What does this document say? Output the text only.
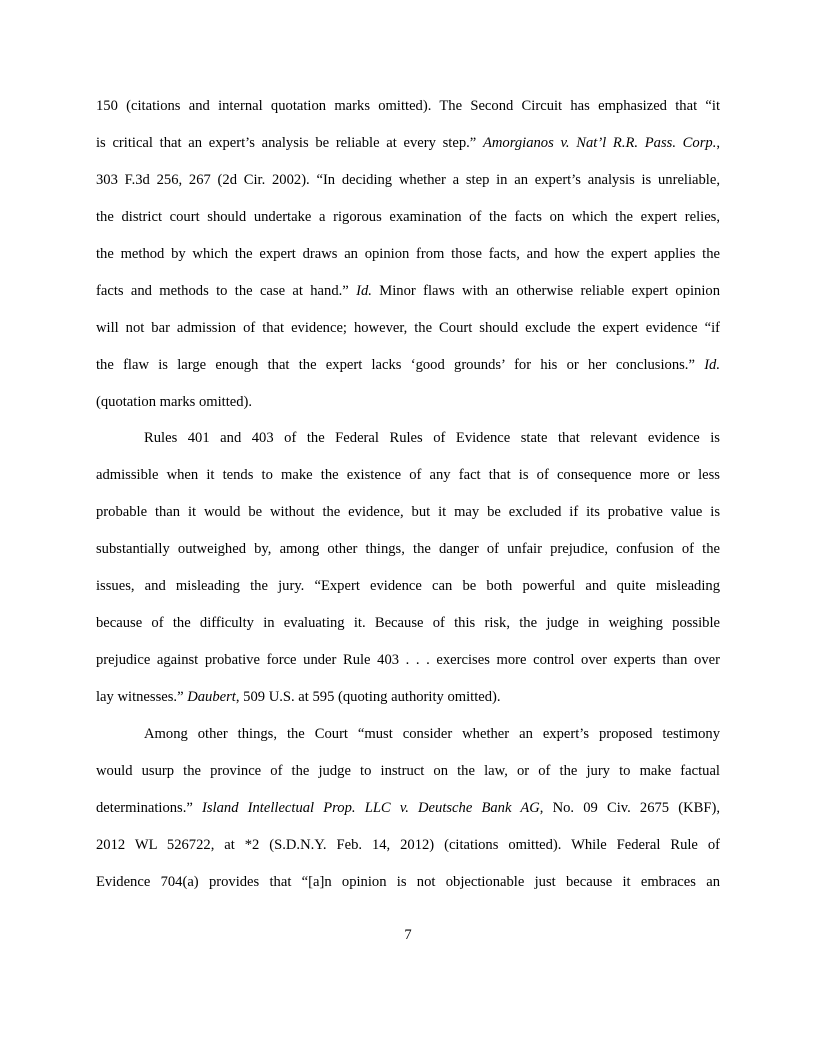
150 (citations and internal quotation marks omitted). The Second Circuit has emphasized that “it
is critical that an expert’s analysis be reliable at every step.” Amorgianos v. Nat’l R.R. Pass. Corp.,
303 F.3d 256, 267 (2d Cir. 2002). “In deciding whether a step in an expert’s analysis is unreliable,
the district court should undertake a rigorous examination of the facts on which the expert relies,
the method by which the expert draws an opinion from those facts, and how the expert applies the
facts and methods to the case at hand.” Id. Minor flaws with an otherwise reliable expert opinion
will not bar admission of that evidence; however, the Court should exclude the expert evidence “if
the flaw is large enough that the expert lacks ‘good grounds’ for his or her conclusions.” Id.
(quotation marks omitted).
Rules 401 and 403 of the Federal Rules of Evidence state that relevant evidence is
admissible when it tends to make the existence of any fact that is of consequence more or less
probable than it would be without the evidence, but it may be excluded if its probative value is
substantially outweighed by, among other things, the danger of unfair prejudice, confusion of the
issues, and misleading the jury. “Expert evidence can be both powerful and quite misleading
because of the difficulty in evaluating it. Because of this risk, the judge in weighing possible
prejudice against probative force under Rule 403 . . . exercises more control over experts than over
lay witnesses.” Daubert, 509 U.S. at 595 (quoting authority omitted).
Among other things, the Court “must consider whether an expert’s proposed testimony
would usurp the province of the judge to instruct on the law, or of the jury to make factual
determinations.” Island Intellectual Prop. LLC v. Deutsche Bank AG, No. 09 Civ. 2675 (KBF),
2012 WL 526722, at *2 (S.D.N.Y. Feb. 14, 2012) (citations omitted). While Federal Rule of
Evidence 704(a) provides that “[a]n opinion is not objectionable just because it embraces an
7
